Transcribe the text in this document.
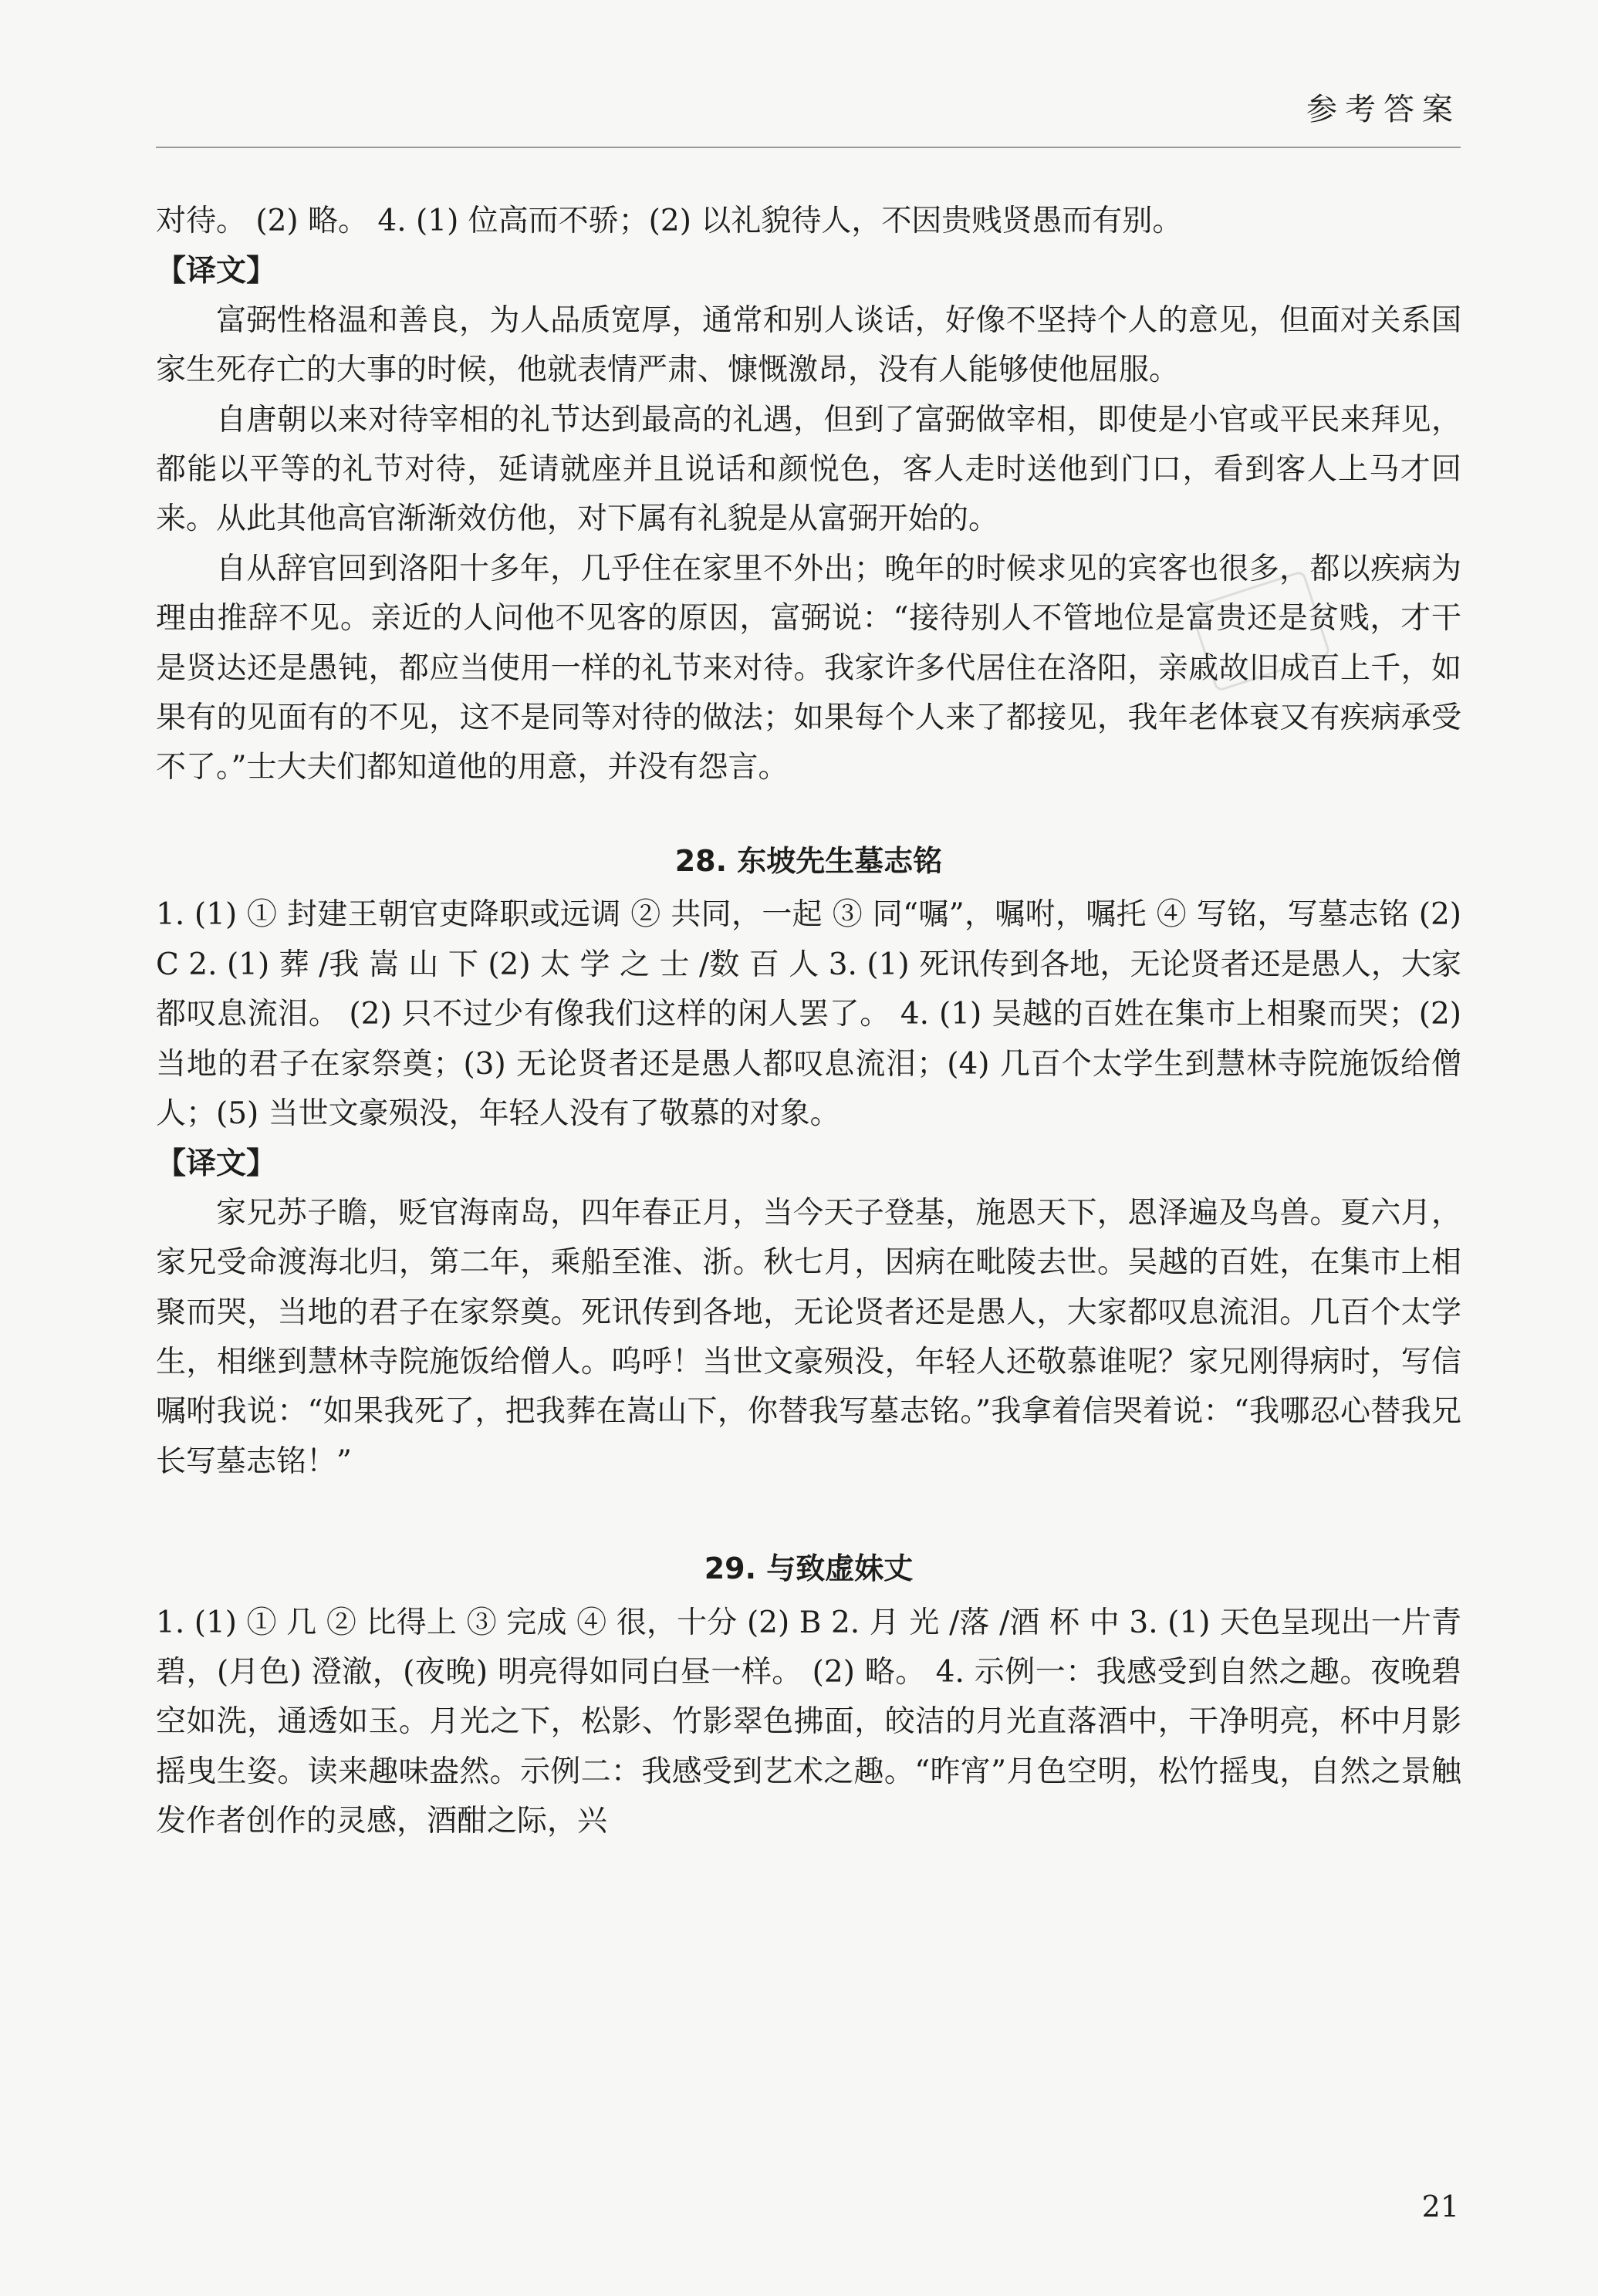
参考答案

对待。 (2) 略。 4. (1) 位高而不骄；(2) 以礼貌待人，不因贵贱贤愚而有别。

【译文】

富弼性格温和善良，为人品质宽厚，通常和别人谈话，好像不坚持个人的意见，但面对关系国家生死存亡的大事的时候，他就表情严肃、慷慨激昂，没有人能够使他屈服。

自唐朝以来对待宰相的礼节达到最高的礼遇，但到了富弼做宰相，即使是小官或平民来拜见，都能以平等的礼节对待，延请就座并且说话和颜悦色，客人走时送他到门口，看到客人上马才回来。从此其他高官渐渐效仿他，对下属有礼貌是从富弼开始的。

自从辞官回到洛阳十多年，几乎住在家里不外出；晚年的时候求见的宾客也很多，都以疾病为理由推辞不见。亲近的人问他不见客的原因，富弼说：“接待别人不管地位是富贵还是贫贱，才干是贤达还是愚钝，都应当使用一样的礼节来对待。我家许多代居住在洛阳，亲戚故旧成百上千，如果有的见面有的不见，这不是同等对待的做法；如果每个人来了都接见，我年老体衰又有疾病承受不了。”士大夫们都知道他的用意，并没有怨言。

28. 东坡先生墓志铭

1. (1) ① 封建王朝官吏降职或远调 ② 共同，一起 ③ 同“嘱”，嘱咐，嘱托 ④ 写铭，写墓志铭 (2) C 2. (1) 葬 /我 嵩 山 下 (2) 太 学 之 士 /数 百 人 3. (1) 死讯传到各地，无论贤者还是愚人，大家都叹息流泪。 (2) 只不过少有像我们这样的闲人罢了。 4. (1) 吴越的百姓在集市上相聚而哭；(2) 当地的君子在家祭奠；(3) 无论贤者还是愚人都叹息流泪；(4) 几百个太学生到慧林寺院施饭给僧人；(5) 当世文豪殒没，年轻人没有了敬慕的对象。

【译文】

家兄苏子瞻，贬官海南岛，四年春正月，当今天子登基，施恩天下，恩泽遍及鸟兽。夏六月，家兄受命渡海北归，第二年，乘船至淮、浙。秋七月，因病在毗陵去世。吴越的百姓，在集市上相聚而哭，当地的君子在家祭奠。死讯传到各地，无论贤者还是愚人，大家都叹息流泪。几百个太学生，相继到慧林寺院施饭给僧人。呜呼！当世文豪殒没，年轻人还敬慕谁呢？家兄刚得病时，写信嘱咐我说：“如果我死了，把我葬在嵩山下，你替我写墓志铭。”我拿着信哭着说：“我哪忍心替我兄长写墓志铭！”

29. 与致虚妹丈

1. (1) ① 几 ② 比得上 ③ 完成 ④ 很，十分 (2) B 2. 月 光 /落 /酒 杯 中 3. (1) 天色呈现出一片青碧，(月色) 澄澈，(夜晚) 明亮得如同白昼一样。 (2) 略。 4. 示例一：我感受到自然之趣。夜晚碧空如洗，通透如玉。月光之下，松影、竹影翠色拂面，皎洁的月光直落酒中，干净明亮，杯中月影摇曳生姿。读来趣味盎然。示例二：我感受到艺术之趣。“昨宵”月色空明，松竹摇曳，自然之景触发作者创作的灵感，酒酣之际，兴

21
